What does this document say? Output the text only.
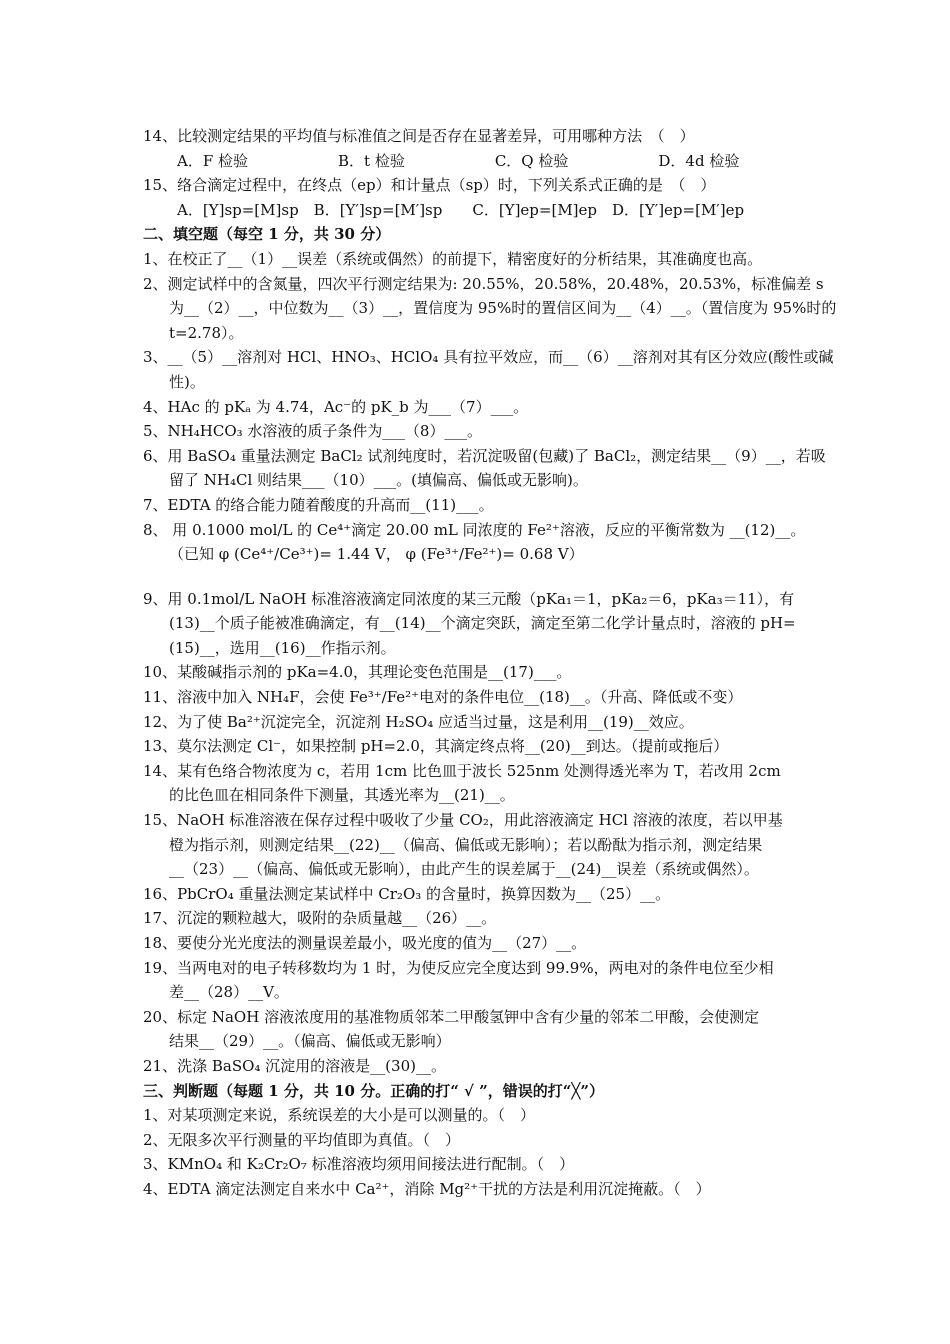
14、比较测定结果的平均值与标准值之间是否存在显著差异，可用哪种方法　（　）
A．F 检验　　　　　　B．t 检验　　　　　　C．Q 检验　　　　　　D．4d 检验
15、络合滴定过程中，在终点（ep）和计量点（sp）时，下列关系式正确的是　（　）
A．[Y]sp=[M]sp　B．[Y′]sp=[M′]sp　　C．[Y]ep=[M]ep　D．[Y′]ep=[M′]ep
二、填空题（每空 1 分，共 30 分）
1、在校正了__（1）__误差（系统或偶然）的前提下，精密度好的分析结果，其准确度也高。
2、测定试样中的含氮量，四次平行测定结果为: 20.55%，20.58%，20.48%，20.53%，标准偏差 s
为__（2）__，中位数为__（3）__，置信度为 95%时的置信区间为__（4）__。（置信度为 95%时的
t=2.78）。
3、__（5）__溶剂对 HCl、HNO₃、HClO₄ 具有拉平效应，而__（6）__溶剂对其有区分效应(酸性或碱
性)。
4、HAc 的 pKₐ 为 4.74，Ac⁻的 pK_b 为___（7）___。
5、NH₄HCO₃ 水溶液的质子条件为___（8）___。
6、用 BaSO₄ 重量法测定 BaCl₂ 试剂纯度时，若沉淀吸留(包藏)了 BaCl₂，测定结果__（9）__，若吸
留了 NH₄Cl 则结果___（10）___。(填偏高、偏低或无影响)。
7、EDTA 的络合能力随着酸度的升高而__(11)___。
8、 用 0.1000 mol/L 的 Ce⁴⁺滴定 20.00 mL 同浓度的 Fe²⁺溶液，反应的平衡常数为 __(12)__。
（已知 φ (Ce⁴⁺/Ce³⁺)= 1.44 V， φ (Fe³⁺/Fe²⁺)= 0.68 V）
9、用 0.1mol/L NaOH 标准溶液滴定同浓度的某三元酸（pKa₁＝1，pKa₂＝6，pKa₃＝11），有
(13)__个质子能被准确滴定，有__(14)__个滴定突跃，滴定至第二化学计量点时，溶液的 pH=
(15)__，选用__(16)__作指示剂。
10、某酸碱指示剂的 pKa=4.0，其理论变色范围是__(17)___。
11、溶液中加入 NH₄F，会使 Fe³⁺/Fe²⁺电对的条件电位__(18)__。（升高、降低或不变）
12、为了使 Ba²⁺沉淀完全，沉淀剂 H₂SO₄ 应适当过量，这是利用__(19)__效应。
13、莫尔法测定 Cl⁻，如果控制 pH=2.0，其滴定终点将__(20)__到达。（提前或拖后）
14、某有色络合物浓度为 c，若用 1cm 比色皿于波长 525nm 处测得透光率为 T，若改用 2cm
的比色皿在相同条件下测量，其透光率为__(21)__。
15、NaOH 标准溶液在保存过程中吸收了少量 CO₂，用此溶液滴定 HCl 溶液的浓度，若以甲基
橙为指示剂，则测定结果__(22)__（偏高、偏低或无影响）；若以酚酞为指示剂，测定结果
__（23）__（偏高、偏低或无影响），由此产生的误差属于__(24)__误差（系统或偶然）。
16、PbCrO₄ 重量法测定某试样中 Cr₂O₃ 的含量时，换算因数为__（25）__。
17、沉淀的颗粒越大，吸附的杂质量越__（26）__。
18、要使分光光度法的测量误差最小，吸光度的值为__（27）__。
19、当两电对的电子转移数均为 1 时，为使反应完全度达到 99.9%，两电对的条件电位至少相
差__（28）__V。
20、标定 NaOH 溶液浓度用的基准物质邻苯二甲酸氢钾中含有少量的邻苯二甲酸，会使测定
结果__（29）__。（偏高、偏低或无影响）
21、洗涤 BaSO₄ 沉淀用的溶液是__(30)__。
三、判断题（每题 1 分，共 10 分。正确的打“ √ ”，错误的打“╳”）
1、对某项测定来说，系统误差的大小是可以测量的。（　）
2、无限多次平行测量的平均值即为真值。（　）
3、KMnO₄ 和 K₂Cr₂O₇ 标准溶液均须用间接法进行配制。（　）
4、EDTA 滴定法测定自来水中 Ca²⁺，消除 Mg²⁺干扰的方法是利用沉淀掩蔽。（　）
